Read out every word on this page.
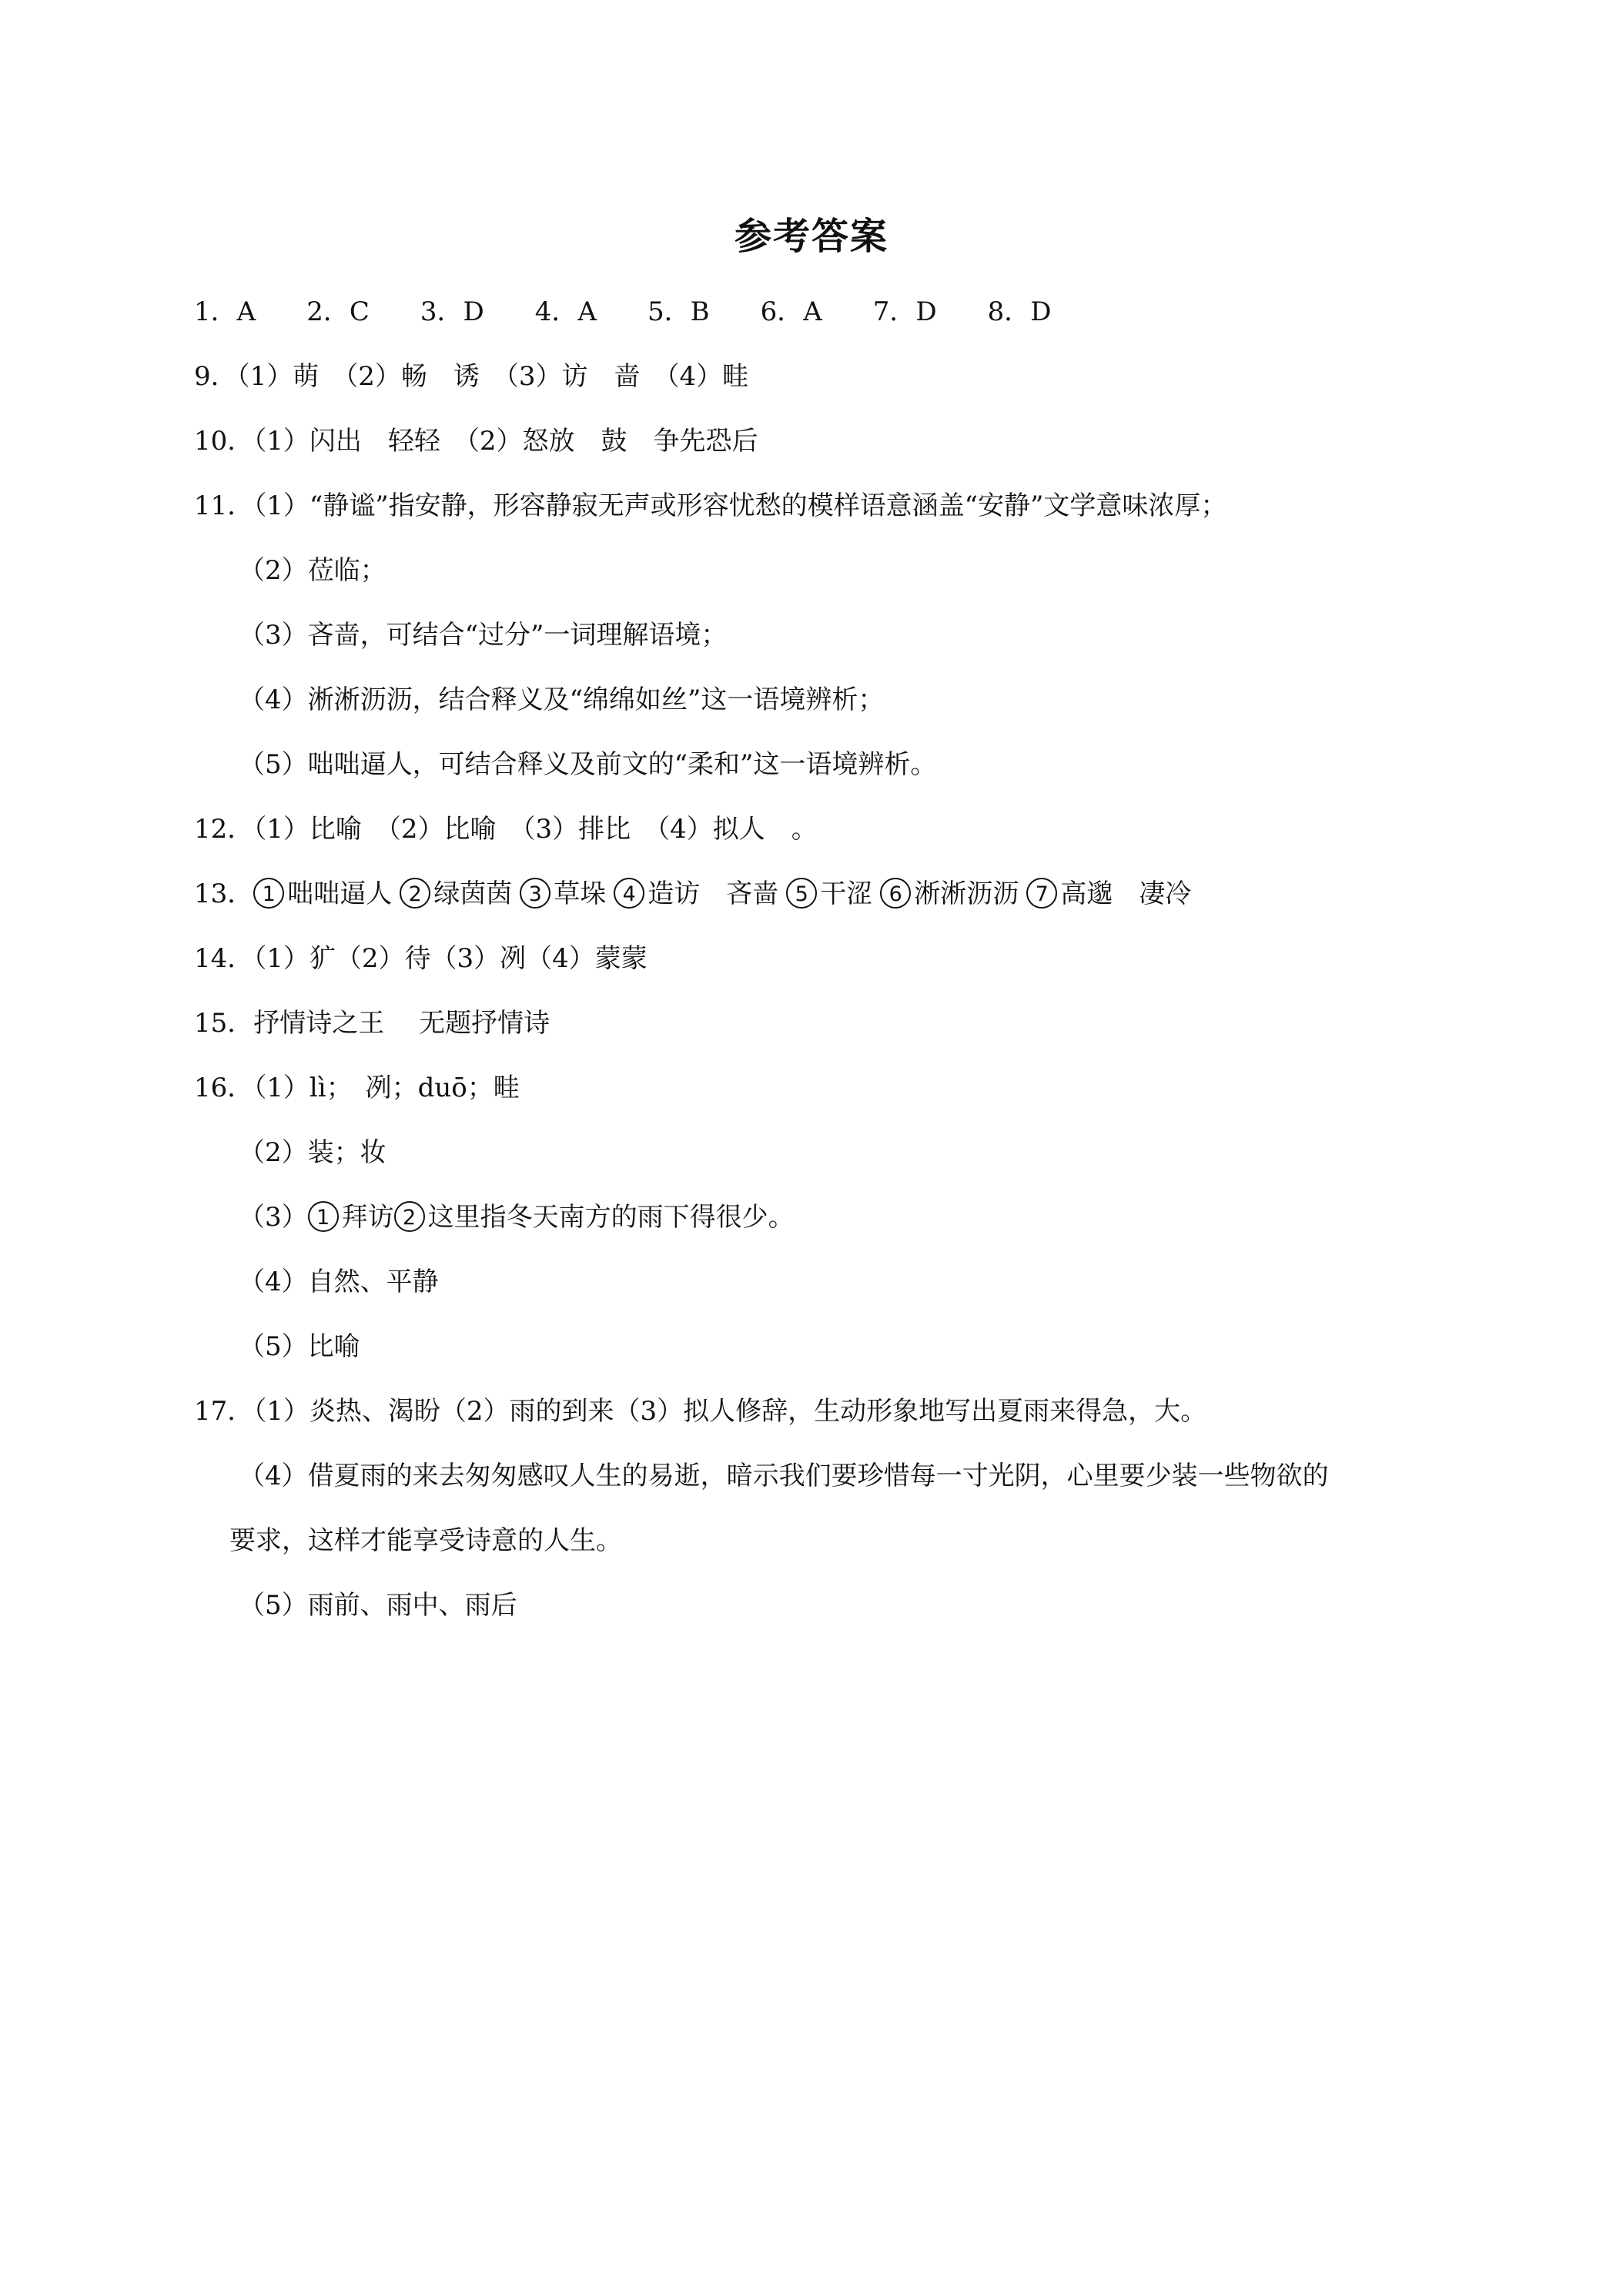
参考答案
1．A 2．C 3．D 4．A 5．B 6．A 7．D 8．D
9．（1）萌　（2）畅　诱　（3）访　啬　（4）畦
10．（1）闪出　轻轻　（2）怒放　鼓　争先恐后
11．（1）“静谧”指安静，形容静寂无声或形容忧愁的模样语意涵盖“安静”文学意味浓厚；
（2）莅临；
（3）吝啬，可结合“过分”一词理解语境；
（4）淅淅沥沥，结合释义及“绵绵如丝”这一语境辨析；
（5）咄咄逼人，可结合释义及前文的“柔和”这一语境辨析。
12．（1）比喻　（2）比喻　（3）排比　（4）拟人　。
13． 1 咄咄逼人 2 绿茵茵 3 草垛 4 造访　吝啬 5 干涩 6 淅淅沥沥 7 高邈　凄冷
14．（1）犷（2）待（3）冽（4）蒙蒙
15．抒情诗之王　 无题抒情诗
16．（1）lì；　冽；duō；畦
（2）装；妆
（3） 1 拜访 2 这里指冬天南方的雨下得很少。
（4）自然、平静
（5）比喻
17．（1）炎热、渴盼（2）雨的到来（3）拟人修辞，生动形象地写出夏雨来得急，大。
（4）借夏雨的来去匆匆感叹人生的易逝，暗示我们要珍惜每一寸光阴，心里要少装一些物欲的
要求，这样才能享受诗意的人生。
（5）雨前、雨中、雨后
